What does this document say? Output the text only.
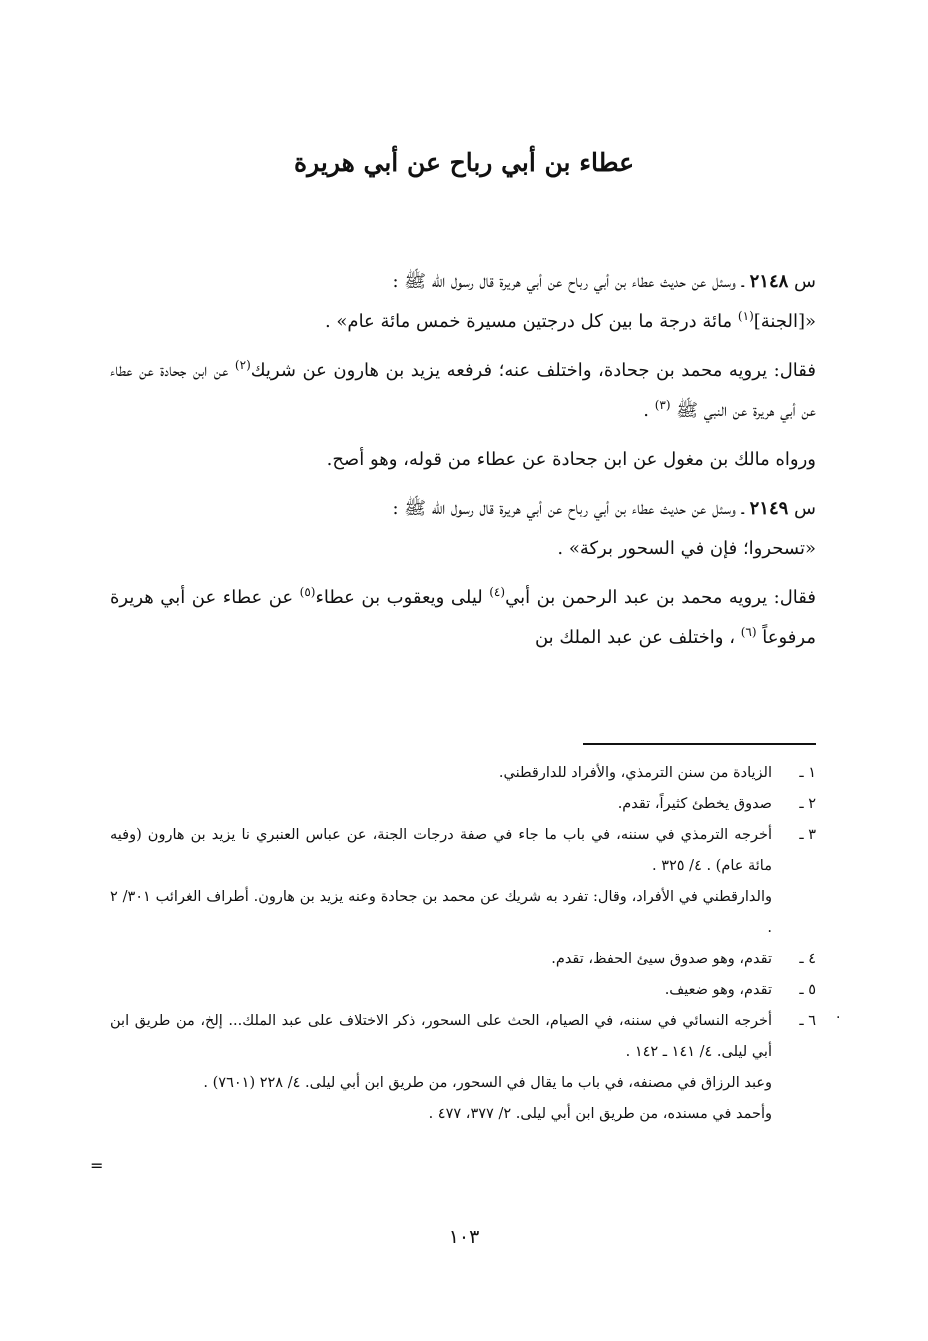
عطاء بن أبي رباح عن أبي هريرة

س ٢١٤٨ ـ وسئل عن حديث عطاء بن أبي رباح عن أبي هريرة قال رسول الله ﷺ :
«[الجنة]$^{(١)}$ مائة درجة ما بين كل درجتين مسيرة خمس مائة عام» .

فقال: يرويه محمد بن جحادة، واختلف عنه؛ فرفعه يزيد بن هارون عن شريك$^{(٢)}$ عن ابن جحادة عن عطاء عن أبي هريرة عن النبي ﷺ $^{(٣)}$ .

ورواه مالك بن مغول عن ابن جحادة عن عطاء من قوله، وهو أصح.

س ٢١٤٩ ـ وسئل عن حديث عطاء بن أبي رباح عن أبي هريرة قال رسول الله ﷺ :
«تسحروا؛ فإن في السحور بركة» .

فقال: يرويه محمد بن عبد الرحمن بن أبي$^{(٤)}$ ليلى ويعقوب بن عطاء$^{(٥)}$ عن عطاء عن أبي هريرة مرفوعاً $^{(٦)}$ ، واختلف عن عبد الملك بن

١ ـ
الزيادة من سنن الترمذي، والأفراد للدارقطني.
٢ ـ
صدوق يخطئ كثيراً، تقدم.
٣ ـ
أخرجه الترمذي في سننه، في باب ما جاء في صفة درجات الجنة، عن عباس العنبري نا يزيد بن هارون (وفيه مائة عام) . ٤/ ٣٢٥ .
والدارقطني في الأفراد، وقال: تفرد به شريك عن محمد بن جحادة وعنه يزيد بن هارون. أطراف الغرائب ٣٠١/ ٢ .
٤ ـ
تقدم، وهو صدوق سيئ الحفظ، تقدم.
٥ ـ
تقدم، وهو ضعيف.
٦ ـ
أخرجه النسائي في سننه، في الصيام، الحث على السحور، ذكر الاختلاف على عبد الملك... إلخ، من طريق ابن أبي ليلى. ٤/ ١٤١ ـ ١٤٢ .
وعبد الرزاق في مصنفه، في باب ما يقال في السحور، من طريق ابن أبي ليلى. ٤/ ٢٢٨ (٧٦٠١) .
وأحمد في مسنده، من طريق ابن أبي ليلى. ٢/ ٣٧٧، ٤٧٧ .
=
·
١٠٣
